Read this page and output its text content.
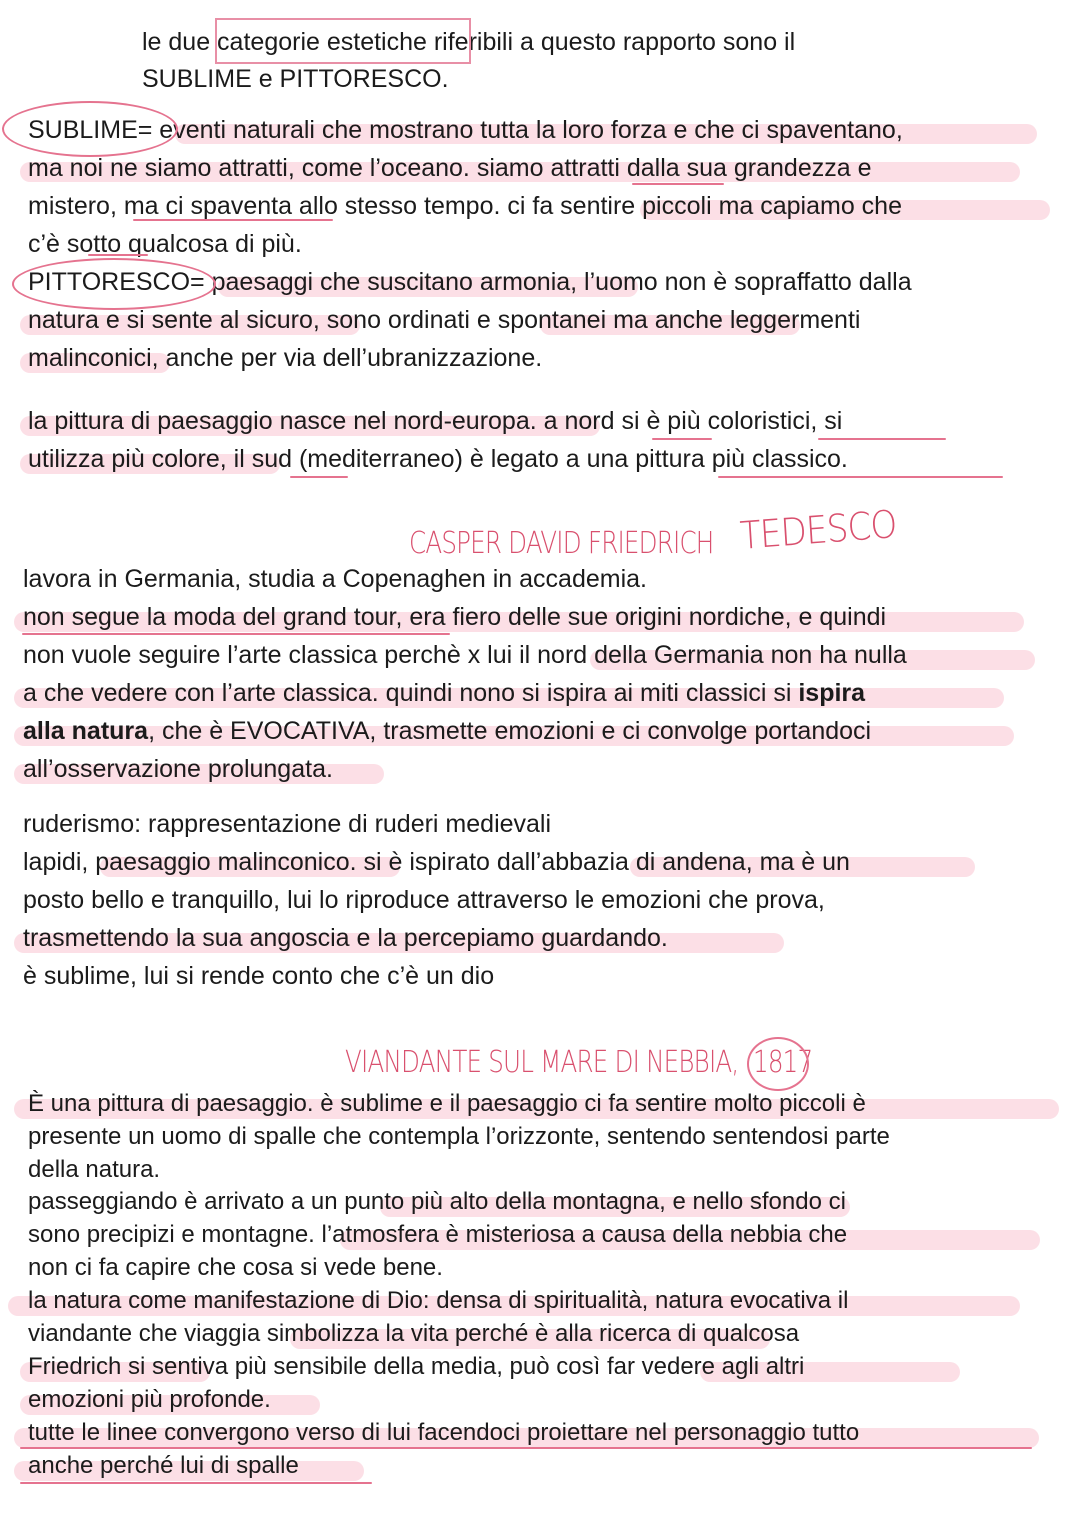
le due categorie estetiche riferibili a questo rapporto sono il
SUBLIME e PITTORESCO.
SUBLIME= eventi naturali che mostrano tutta la loro forza e che ci spaventano,
ma noi ne siamo attratti, come l’oceano. siamo attratti dalla sua grandezza e
mistero, ma ci spaventa allo stesso tempo. ci fa sentire piccoli ma capiamo che
c’è sotto qualcosa di più.
PITTORESCO= paesaggi che suscitano armonia, l’uomo non è sopraffatto dalla
natura e si sente al sicuro, sono ordinati e spontanei ma anche leggermenti
malinconici, anche per via dell’ubranizzazione.
la pittura di paesaggio nasce nel nord-europa. a nord si è più coloristici, si
utilizza più colore, il sud (mediterraneo) è legato a una pittura più classico.
CASPER DAVID FRIEDRICH TEDESCO
lavora in Germania, studia a Copenaghen in accademia.
non segue la moda del grand tour, era fiero delle sue origini nordiche, e quindi
non vuole seguire l’arte classica perchè x lui il nord della Germania non ha nulla
a che vedere con l’arte classica. quindi nono si ispira ai miti classici si ispira
alla natura, che è EVOCATIVA, trasmette emozioni e ci convolge portandoci
all’osservazione prolungata.
ruderismo: rappresentazione di ruderi medievali
lapidi, paesaggio malinconico. si è ispirato dall’abbazia di andena, ma è un
posto bello e tranquillo, lui lo riproduce attraverso le emozioni che prova,
trasmettendo la sua angoscia e la percepiamo guardando.
è sublime, lui si rende conto che c’è un dio
VIANDANTE SUL MARE DI NEBBIA, 1817
È una pittura di paesaggio. è sublime e il paesaggio ci fa sentire molto piccoli è
presente un uomo di spalle che contempla l’orizzonte, sentendo sentendosi parte
della natura.
passeggiando è arrivato a un punto più alto della montagna, e nello sfondo ci
sono precipizi e montagne. l’atmosfera è misteriosa a causa della nebbia che
non ci fa capire che cosa si vede bene.
la natura come manifestazione di Dio: densa di spiritualità, natura evocativa il
viandante che viaggia simbolizza la vita perché è alla ricerca di qualcosa
Friedrich si sentiva più sensibile della media, può così far vedere agli altri
emozioni più profonde.
tutte le linee convergono verso di lui facendoci proiettare nel personaggio tutto
anche perché lui di spalle
